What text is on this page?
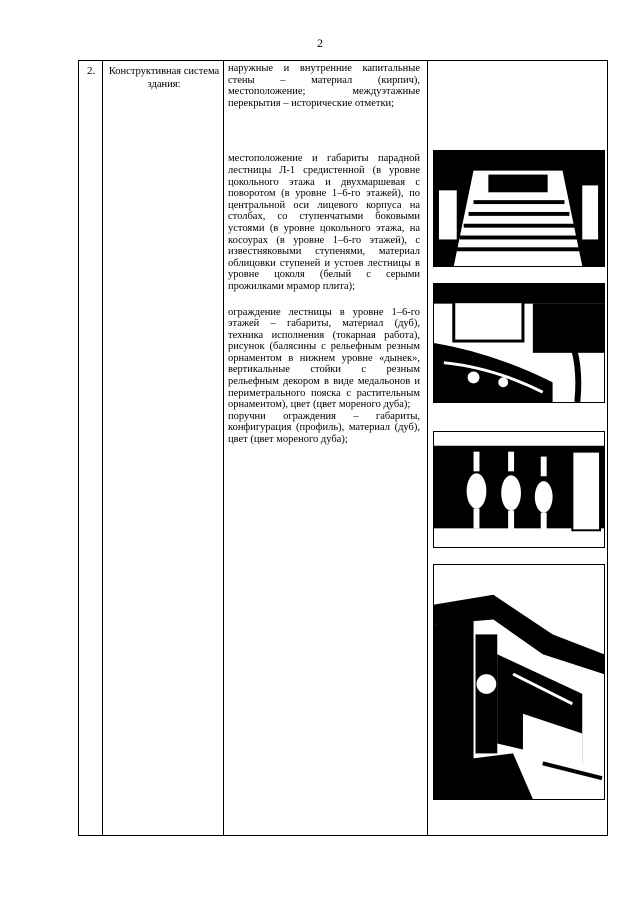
2
2. Конструктивная система здания:

наружные и внутренние капитальные стены – материал (кирпич), местоположение; междуэтажные перекрытия – исторические отметки;

местоположение и габариты парадной лестницы Л-1 средистенной (в уровне цокольного этажа и двухмаршевая с поворотом (в уровне 1–6-го этажей), по центральной оси лицевого корпуса на столбах, со ступенчатыми боковыми устоями (в уровне цокольного этажа, на косоурах (в уровне 1–6-го этажей), с известняковыми ступенями, материал облицовки ступеней и устоев лестницы в уровне цоколя (белый с серыми прожилками мрамор плита);

ограждение лестницы в уровне 1–6-го этажей – габариты, материал (дуб), техника исполнения (токарная работа), рисунок (балясины с рельефным резным орнаментом в нижнем уровне «дынек», вертикальные стойки с резным рельефным декором в виде медальонов и периметрального пояска с растительным орнаментом), цвет (цвет мореного дуба);

поручни ограждения – габариты, конфигурация (профиль), материал (дуб), цвет (цвет мореного дуба);
